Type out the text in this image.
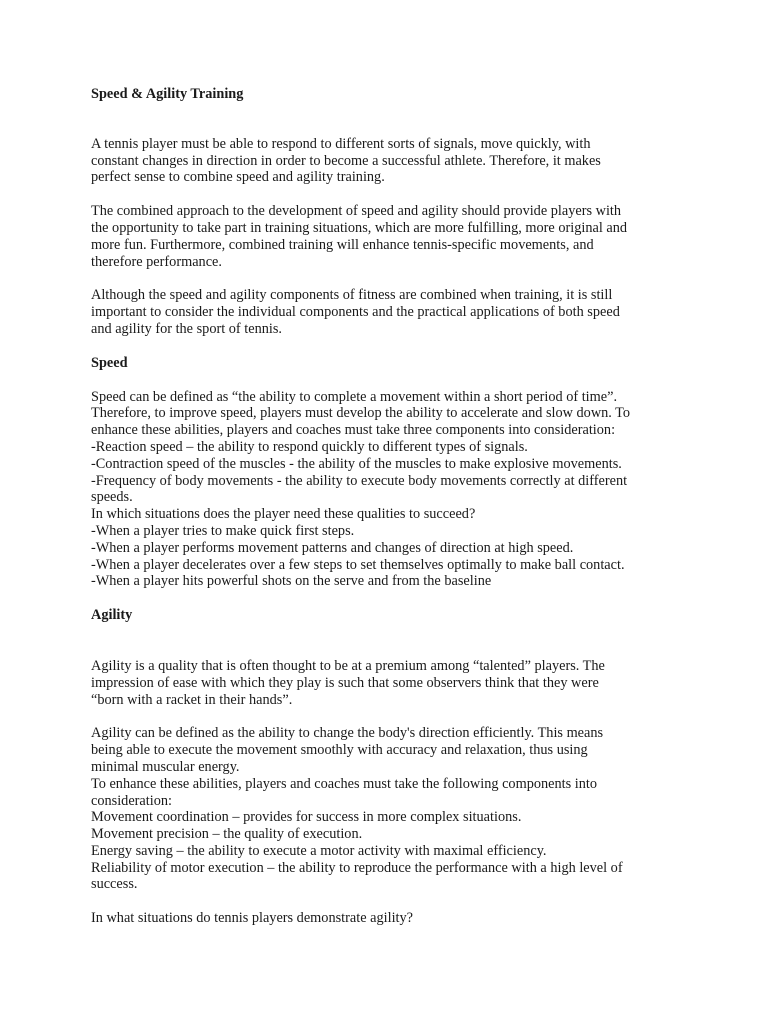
Speed & Agility Training

A tennis player must be able to respond to different sorts of signals, move quickly, with
constant changes in direction in order to become a successful athlete. Therefore, it makes
perfect sense to combine speed and agility training.

The combined approach to the development of speed and agility should provide players with
the opportunity to take part in training situations, which are more fulfilling, more original and
more fun. Furthermore, combined training will enhance tennis-specific movements, and
therefore performance.

Although the speed and agility components of fitness are combined when training, it is still
important to consider the individual components and the practical applications of both speed
and agility for the sport of tennis.

Speed

Speed can be defined as “the ability to complete a movement within a short period of time”.
Therefore, to improve speed, players must develop the ability to accelerate and slow down. To
enhance these abilities, players and coaches must take three components into consideration:
-Reaction speed – the ability to respond quickly to different types of signals.
-Contraction speed of the muscles - the ability of the muscles to make explosive movements.
-Frequency of body movements - the ability to execute body movements correctly at different
speeds.
In which situations does the player need these qualities to succeed?
-When a player tries to make quick first steps.
-When a player performs movement patterns and changes of direction at high speed.
-When a player decelerates over a few steps to set themselves optimally to make ball contact.
-When a player hits powerful shots on the serve and from the baseline

Agility

Agility is a quality that is often thought to be at a premium among “talented” players. The
impression of ease with which they play is such that some observers think that they were
“born with a racket in their hands”.

Agility can be defined as the ability to change the body's direction efficiently. This means
being able to execute the movement smoothly with accuracy and relaxation, thus using
minimal muscular energy.
To enhance these abilities, players and coaches must take the following components into
consideration:
Movement coordination – provides for success in more complex situations.
Movement precision – the quality of execution.
Energy saving – the ability to execute a motor activity with maximal efficiency.
Reliability of motor execution – the ability to reproduce the performance with a high level of
success.

In what situations do tennis players demonstrate agility?
